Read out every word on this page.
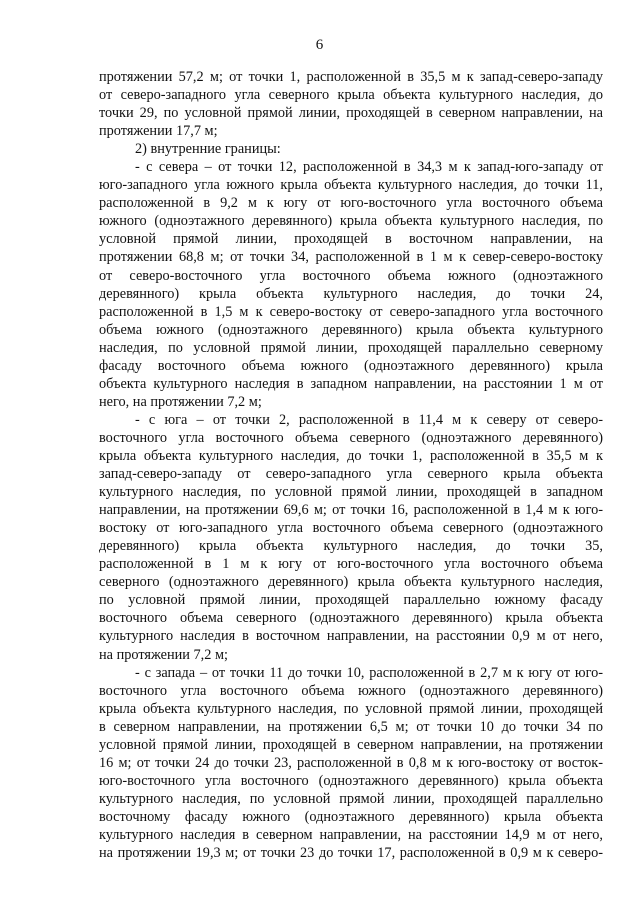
6
протяжении 57,2 м; от точки 1, расположенной в 35,5 м к запад-северо-западу
от северо-западного угла северного крыла объекта культурного наследия, до
точки 29, по условной прямой линии, проходящей в северном направлении, на
протяжении 17,7 м;
2) внутренние границы:
- с севера – от точки 12, расположенной в 34,3 м к запад-юго-западу от
юго-западного угла южного крыла объекта культурного наследия, до точки 11,
расположенной в 9,2 м к югу от юго-восточного угла восточного объема
южного (одноэтажного деревянного) крыла объекта культурного наследия, по
условной прямой линии, проходящей в восточном направлении, на
протяжении 68,8 м; от точки 34, расположенной в 1 м к север-северо-востоку
от северо-восточного угла восточного объема южного (одноэтажного
деревянного) крыла объекта культурного наследия, до точки 24,
расположенной в 1,5 м к северо-востоку от северо-западного угла восточного
объема южного (одноэтажного деревянного) крыла объекта культурного
наследия, по условной прямой линии, проходящей параллельно северному
фасаду восточного объема южного (одноэтажного деревянного) крыла
объекта культурного наследия в западном направлении, на расстоянии 1 м от
него, на протяжении 7,2 м;
- с юга – от точки 2, расположенной в 11,4 м к северу от северо-
восточного угла восточного объема северного (одноэтажного деревянного)
крыла объекта культурного наследия, до точки 1, расположенной в 35,5 м к
запад-северо-западу от северо-западного угла северного крыла объекта
культурного наследия, по условной прямой линии, проходящей в западном
направлении, на протяжении 69,6 м; от точки 16, расположенной в 1,4 м к юго-
востоку от юго-западного угла восточного объема северного (одноэтажного
деревянного) крыла объекта культурного наследия, до точки 35,
расположенной в 1 м к югу от юго-восточного угла восточного объема
северного (одноэтажного деревянного) крыла объекта культурного наследия,
по условной прямой линии, проходящей параллельно южному фасаду
восточного объема северного (одноэтажного деревянного) крыла объекта
культурного наследия в восточном направлении, на расстоянии 0,9 м от него,
на протяжении 7,2 м;
- с запада – от точки 11 до точки 10, расположенной в 2,7 м к югу от юго-
восточного угла восточного объема южного (одноэтажного деревянного)
крыла объекта культурного наследия, по условной прямой линии, проходящей
в северном направлении, на протяжении 6,5 м; от точки 10 до точки 34 по
условной прямой линии, проходящей в северном направлении, на протяжении
16 м; от точки 24 до точки 23, расположенной в 0,8 м к юго-востоку от восток-
юго-восточного угла восточного (одноэтажного деревянного) крыла объекта
культурного наследия, по условной прямой линии, проходящей параллельно
восточному фасаду южного (одноэтажного деревянного) крыла объекта
культурного наследия в северном направлении, на расстоянии 14,9 м от него,
на протяжении 19,3 м; от точки 23 до точки 17, расположенной в 0,9 м к северо-
